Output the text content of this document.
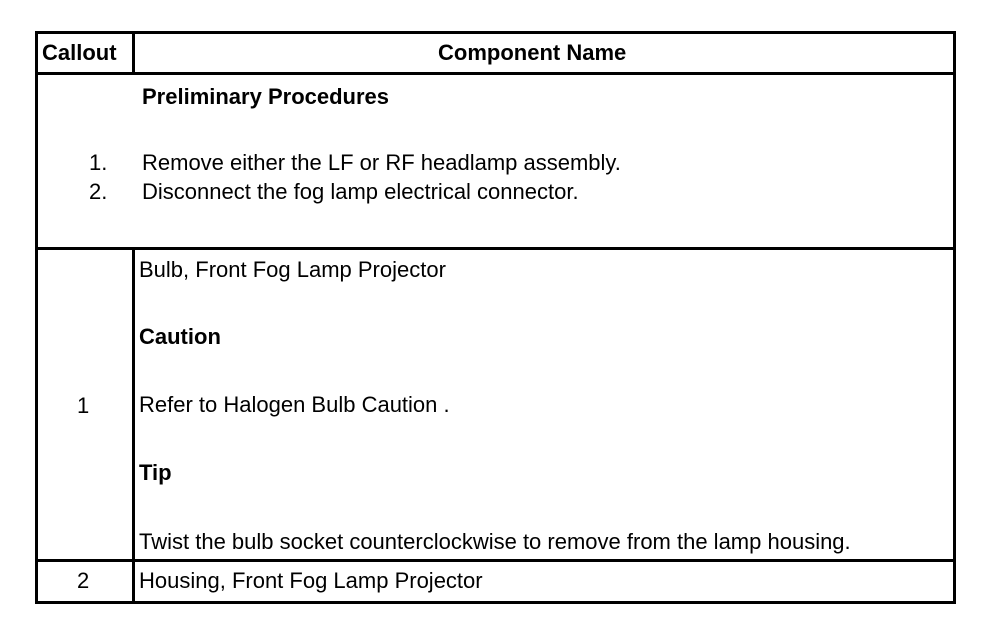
Callout	Component Name
Preliminary Procedures
1. Remove either the LF or RF headlamp assembly.
2. Disconnect the fog lamp electrical connector.
1
Bulb, Front Fog Lamp Projector
Caution
Refer to Halogen Bulb Caution .
Tip
Twist the bulb socket counterclockwise to remove from the lamp housing.
2 Housing, Front Fog Lamp Projector
